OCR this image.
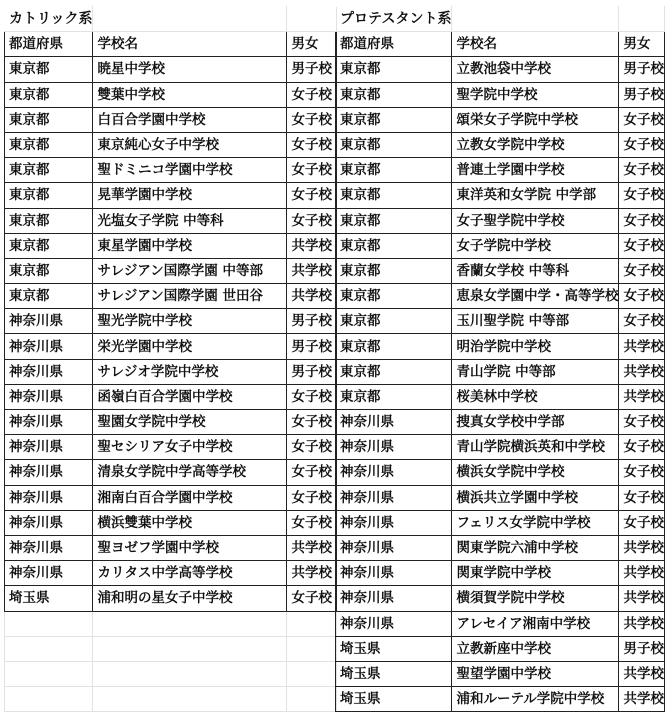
カトリック系		
都道府県	学校名	男女
東京都	暁星中学校	男子校
東京都	雙葉中学校	女子校
東京都	白百合学園中学校	女子校
東京都	東京純心女子中学校	女子校
東京都	聖ドミニコ学園中学校	女子校
東京都	晃華学園中学校	女子校
東京都	光塩女子学院 中等科	女子校
東京都	東星学園中学校	共学校
東京都	サレジアン国際学園 中等部	共学校
東京都	サレジアン国際学園 世田谷	共学校
神奈川県	聖光学院中学校	男子校
神奈川県	栄光学園中学校	男子校
神奈川県	サレジオ学院中学校	男子校
神奈川県	函嶺白百合学園中学校	女子校
神奈川県	聖園女学院中学校	女子校
神奈川県	聖セシリア女子中学校	女子校
神奈川県	清泉女学院中学高等学校	女子校
神奈川県	湘南白百合学園中学校	女子校
神奈川県	横浜雙葉中学校	女子校
神奈川県	聖ヨゼフ学園中学校	共学校
神奈川県	カリタス中学高等学校	共学校
埼玉県	浦和明の星女子中学校	女子校

プロテスタント系		
都道府県	学校名	男女
東京都	立教池袋中学校	男子校
東京都	聖学院中学校	男子校
東京都	頌栄女子学院中学校	女子校
東京都	立教女学院中学校	女子校
東京都	普連土学園中学校	女子校
東京都	東洋英和女学院 中学部	女子校
東京都	女子聖学院中学校	女子校
東京都	女子学院中学校	女子校
東京都	香蘭女学校 中等科	女子校
東京都	恵泉女学園中学・高等学校	女子校
東京都	玉川聖学院 中等部	女子校
東京都	明治学院中学校	共学校
東京都	青山学院 中等部	共学校
東京都	桜美林中学校	共学校
神奈川県	捜真女学校中学部	女子校
神奈川県	青山学院横浜英和中学校	女子校
神奈川県	横浜女学院中学校	女子校
神奈川県	横浜共立学園中学校	女子校
神奈川県	フェリス女学院中学校	女子校
神奈川県	関東学院六浦中学校	共学校
神奈川県	関東学院中学校	共学校
神奈川県	横須賀学院中学校	共学校
神奈川県	アレセイア湘南中学校	共学校
埼玉県	立教新座中学校	男子校
埼玉県	聖望学園中学校	共学校
埼玉県	浦和ルーテル学院中学校	共学校
